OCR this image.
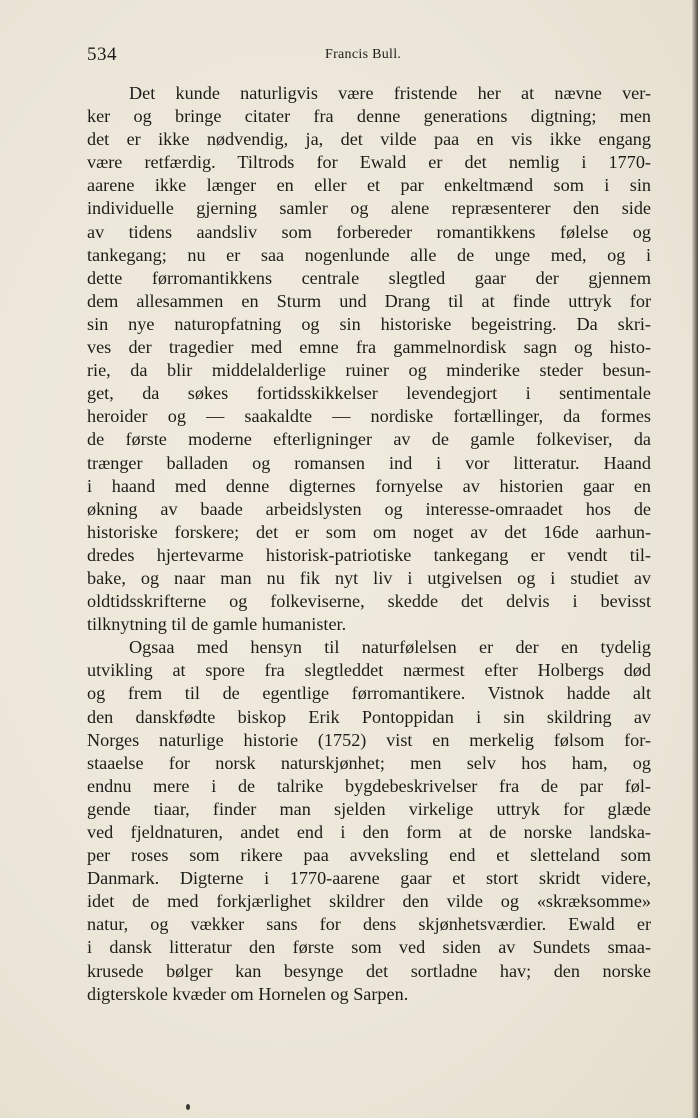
534	Francis Bull.
Det kunde naturligvis være fristende her at nævne ver-
ker og bringe citater fra denne generations digtning; men
det er ikke nødvendig, ja, det vilde paa en vis ikke engang
være retfærdig. Tiltrods for Ewald er det nemlig i 1770-
aarene ikke længer en eller et par enkeltmænd som i sin
individuelle gjerning samler og alene repræsenterer den side
av tidens aandsliv som forbereder romantikkens følelse og
tankegang; nu er saa nogenlunde alle de unge med, og i
dette førromantikkens centrale slegtled gaar der gjennem
dem allesammen en Sturm und Drang til at finde uttryk for
sin nye naturopfatning og sin historiske begeistring. Da skri-
ves der tragedier med emne fra gammelnordisk sagn og histo-
rie, da blir middelalderlige ruiner og minderike steder besun-
get, da søkes fortidsskikkelser levendegjort i sentimentale
heroider og — saakaldte — nordiske fortællinger, da formes
de første moderne efterligninger av de gamle folkeviser, da
trænger balladen og romansen ind i vor litteratur. Haand
i haand med denne digternes fornyelse av historien gaar en
økning av baade arbeidslysten og interesse-omraadet hos de
historiske forskere; det er som om noget av det 16de aarhun-
dredes hjertevarme historisk-patriotiske tankegang er vendt til-
bake, og naar man nu fik nyt liv i utgivelsen og i studiet av
oldtidsskrifterne og folkeviserne, skedde det delvis i bevisst
tilknytning til de gamle humanister.
Ogsaa med hensyn til naturfølelsen er der en tydelig
utvikling at spore fra slegtleddet nærmest efter Holbergs død
og frem til de egentlige førromantikere. Vistnok hadde alt
den danskfødte biskop Erik Pontoppidan i sin skildring av
Norges naturlige historie (1752) vist en merkelig følsom for-
staaelse for norsk naturskjønhet; men selv hos ham, og
endnu mere i de talrike bygdebeskrivelser fra de par føl-
gende tiaar, finder man sjelden virkelige uttryk for glæde
ved fjeldnaturen, andet end i den form at de norske landska-
per roses som rikere paa avveksling end et sletteland som
Danmark. Digterne i 1770-aarene gaar et stort skridt videre,
idet de med forkjærlighet skildrer den vilde og «skræksomme»
natur, og vækker sans for dens skjønhetsværdier. Ewald er
i dansk litteratur den første som ved siden av Sundets smaa-
krusede bølger kan besynge det sortladne hav; den norske
digterskole kvæder om Hornelen og Sarpen.
